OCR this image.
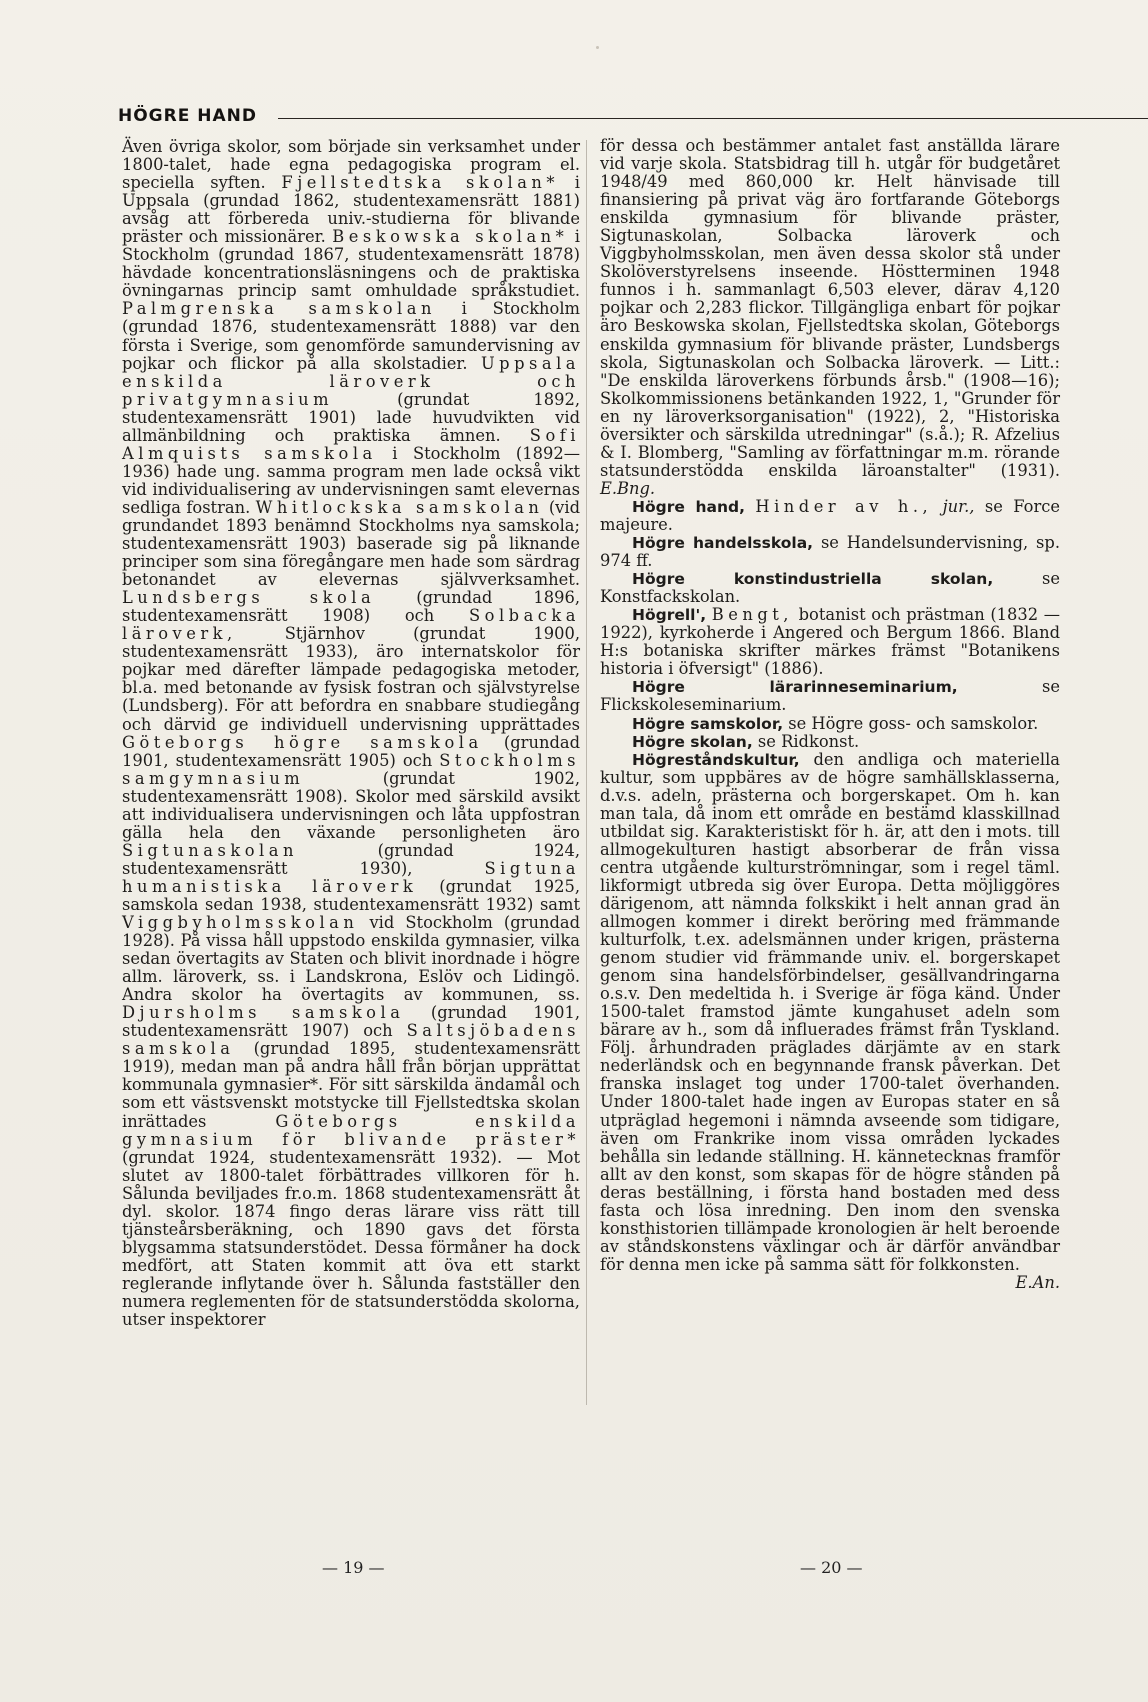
HÖGRE HAND

Även övriga skolor, som började sin verksamhet under 1800-talet, hade egna pedagogiska program el. speciella syften. Fjellstedtska skolan* i Uppsala (grundad 1862, studentexamensrätt 1881) avsåg att förbereda univ.-studierna för blivande präster och missionärer. Beskowska skolan* i Stockholm (grundad 1867, studentexamensrätt 1878) hävdade koncentrationsläsningens och de praktiska övningarnas princip samt omhuldade språkstudiet. Palmgrenska samskolan i Stockholm (grundad 1876, studentexamensrätt 1888) var den första i Sverige, som genomförde samundervisning av pojkar och flickor på alla skolstadier. Uppsala enskilda läroverk och privatgymnasium (grundat 1892, studentexamensrätt 1901) lade huvudvikten vid allmänbildning och praktiska ämnen. Sofi Almquists samskola i Stockholm (1892—1936) hade ung. samma program men lade också vikt vid individualisering av undervisningen samt elevernas sedliga fostran. Whitlockska samskolan (vid grundandet 1893 benämnd Stockholms nya samskola; studentexamensrätt 1903) baserade sig på liknande principer som sina föregångare men hade som särdrag betonandet av elevernas självverksamhet. Lundsbergs skola (grundad 1896, studentexamensrätt 1908) och Solbacka läroverk, Stjärnhov (grundat 1900, studentexamensrätt 1933), äro internatskolor för pojkar med därefter lämpade pedagogiska metoder, bl.a. med betonande av fysisk fostran och självstyrelse (Lundsberg). För att befordra en snabbare studiegång och därvid ge individuell undervisning upprättades Göteborgs högre samskola (grundad 1901, studentexamensrätt 1905) och Stockholms samgymnasium (grundat 1902, studentexamensrätt 1908). Skolor med särskild avsikt att individualisera undervisningen och låta uppfostran gälla hela den växande personligheten äro Sigtunaskolan (grundad 1924, studentexamensrätt 1930), Sigtuna humanistiska läroverk (grundat 1925, samskola sedan 1938, studentexamensrätt 1932) samt Viggbyholmsskolan vid Stockholm (grundad 1928). På vissa håll uppstodo enskilda gymnasier, vilka sedan övertagits av Staten och blivit inordnade i högre allm. läroverk, ss. i Landskrona, Eslöv och Lidingö. Andra skolor ha övertagits av kommunen, ss. Djursholms samskola (grundad 1901, studentexamensrätt 1907) och Saltsjöbadens samskola (grundad 1895, studentexamensrätt 1919), medan man på andra håll från början upprättat kommunala gymnasier*. För sitt särskilda ändamål och som ett västsvenskt motstycke till Fjellstedtska skolan inrättades Göteborgs enskilda gymnasium för blivande präster* (grundat 1924, studentexamensrätt 1932). — Mot slutet av 1800-talet förbättrades villkoren för h. Sålunda beviljades fr.o.m. 1868 studentexamensrätt åt dyl. skolor. 1874 fingo deras lärare viss rätt till tjänsteårsberäkning, och 1890 gavs det första blygsamma statsunderstödet. Dessa förmåner ha dock medfört, att Staten kommit att öva ett starkt reglerande inflytande över h. Sålunda fastställer den numera reglementen för de statsunderstödda skolorna, utser inspektorer

för dessa och bestämmer antalet fast anställda lärare vid varje skola. Statsbidrag till h. utgår för budgetåret 1948/49 med 860,000 kr. Helt hänvisade till finansiering på privat väg äro fortfarande Göteborgs enskilda gymnasium för blivande präster, Sigtunaskolan, Solbacka läroverk och Viggbyholmsskolan, men även dessa skolor stå under Skolöverstyrelsens inseende. Höstterminen 1948 funnos i h. sammanlagt 6,503 elever, därav 4,120 pojkar och 2,283 flickor. Tillgängliga enbart för pojkar äro Beskowska skolan, Fjellstedtska skolan, Göteborgs enskilda gymnasium för blivande präster, Lundsbergs skola, Sigtunaskolan och Solbacka läroverk. — Litt.: "De enskilda läroverkens förbunds årsb." (1908—16); Skolkommissionens betänkanden 1922, 1, "Grunder för en ny läroverksorganisation" (1922), 2, "Historiska översikter och särskilda utredningar" (s.å.); R. Afzelius & I. Blomberg, "Samling av författningar m.m. rörande statsunderstödda enskilda läroanstalter" (1931). E.Bng.

Högre hand, Hinder av h., jur., se Force majeure.

Högre handelsskola, se Handelsundervisning, sp. 974 ff.

Högre konstindustriella skolan, se Konstfackskolan.

Högrell', Bengt, botanist och prästman (1832 —1922), kyrkoherde i Angered och Bergum 1866. Bland H:s botaniska skrifter märkes främst "Botanikens historia i öfversigt" (1886).

Högre lärarinneseminarium, se Flickskoleseminarium.

Högre samskolor, se Högre goss- och samskolor.

Högre skolan, se Ridkonst.

Högreståndskultur, den andliga och materiella kultur, som uppbäres av de högre samhällsklasserna, d.v.s. adeln, prästerna och borgerskapet. Om h. kan man tala, då inom ett område en bestämd klasskillnad utbildat sig. Karakteristiskt för h. är, att den i mots. till allmogekulturen hastigt absorberar de från vissa centra utgående kulturströmningar, som i regel täml. likformigt utbreda sig över Europa. Detta möjliggöres därigenom, att nämnda folkskikt i helt annan grad än allmogen kommer i direkt beröring med främmande kulturfolk, t.ex. adelsmännen under krigen, prästerna genom studier vid främmande univ. el. borgerskapet genom sina handelsförbindelser, gesällvandringarna o.s.v. Den medeltida h. i Sverige är föga känd. Under 1500-talet framstod jämte kungahuset adeln som bärare av h., som då influerades främst från Tyskland. Följ. århundraden präglades därjämte av en stark nederländsk och en begynnande fransk påverkan. Det franska inslaget tog under 1700-talet överhanden. Under 1800-talet hade ingen av Europas stater en så utpräglad hegemoni i nämnda avseende som tidigare, även om Frankrike inom vissa områden lyckades behålla sin ledande ställning. H. kännetecknas framför allt av den konst, som skapas för de högre stånden på deras beställning, i första hand bostaden med dess fasta och lösa inredning. Den inom den svenska konsthistorien tillämpade kronologien är helt beroende av ståndskonstens växlingar och är därför användbar för denna men icke på samma sätt för folkkonsten.
E.An.

— 19 —	— 20 —
